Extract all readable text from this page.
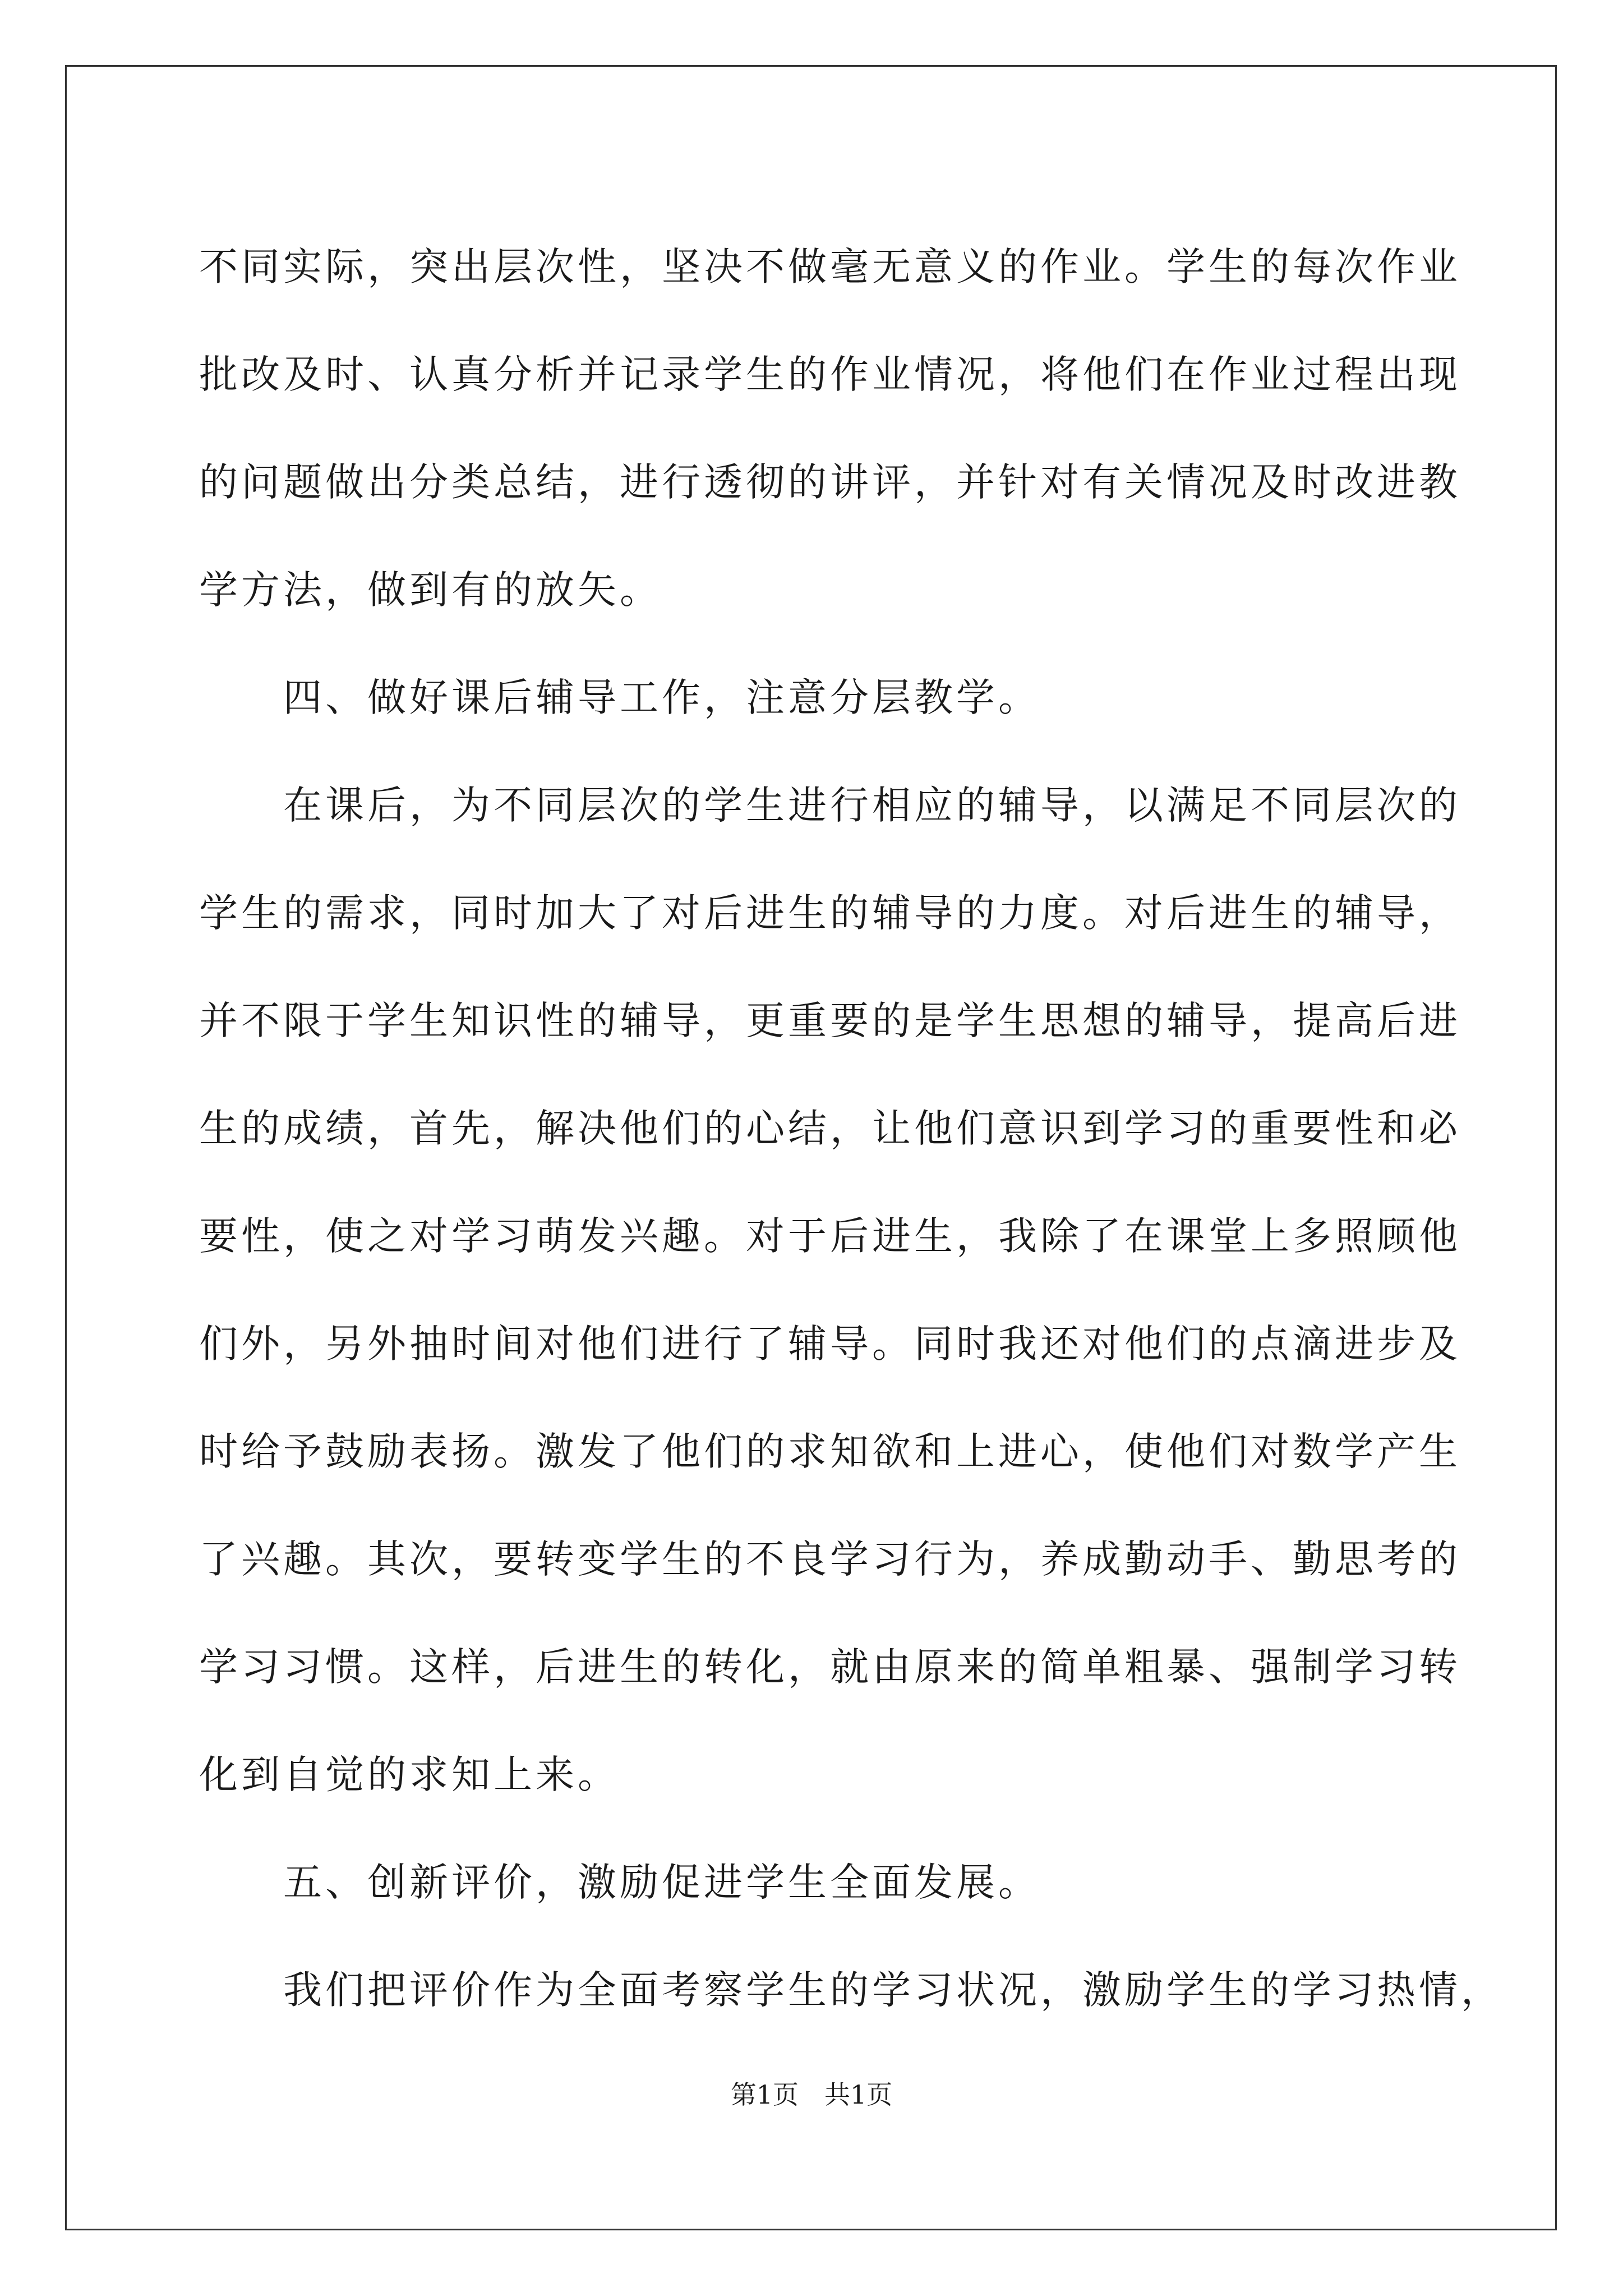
不同实际，突出层次性，坚决不做毫无意义的作业。学生的每次作业
批改及时、认真分析并记录学生的作业情况，将他们在作业过程出现
的问题做出分类总结，进行透彻的讲评，并针对有关情况及时改进教
学方法，做到有的放矢。
四、做好课后辅导工作，注意分层教学。
在课后，为不同层次的学生进行相应的辅导，以满足不同层次的
学生的需求，同时加大了对后进生的辅导的力度。对后进生的辅导，
并不限于学生知识性的辅导，更重要的是学生思想的辅导，提高后进
生的成绩，首先，解决他们的心结，让他们意识到学习的重要性和必
要性，使之对学习萌发兴趣。对于后进生，我除了在课堂上多照顾他
们外，另外抽时间对他们进行了辅导。同时我还对他们的点滴进步及
时给予鼓励表扬。激发了他们的求知欲和上进心，使他们对数学产生
了兴趣。其次，要转变学生的不良学习行为，养成勤动手、勤思考的
学习习惯。这样，后进生的转化，就由原来的简单粗暴、强制学习转
化到自觉的求知上来。
五、创新评价，激励促进学生全面发展。
我们把评价作为全面考察学生的学习状况，激励学生的学习热情，
第1页 共1页
